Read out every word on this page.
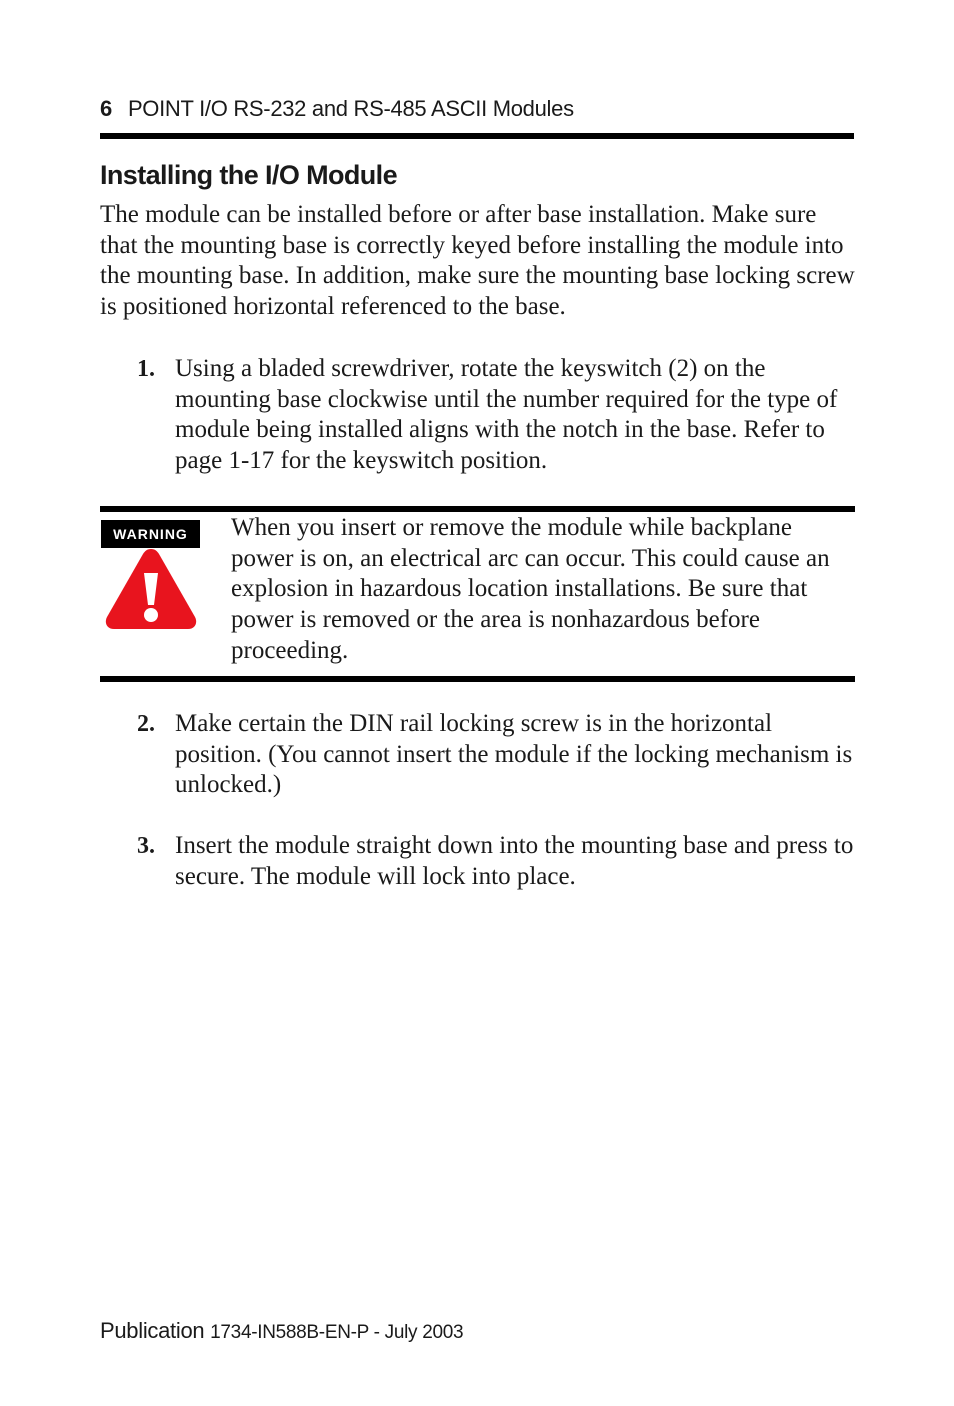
6 POINT I/O RS-232 and RS-485 ASCII Modules
Installing the I/O Module

The module can be installed before or after base installation. Make sure that the mounting base is correctly keyed before installing the module into the mounting base. In addition, make sure the mounting base locking screw is positioned horizontal referenced to the base.

1. Using a bladed screwdriver, rotate the keyswitch (2) on the mounting base clockwise until the number required for the type of module being installed aligns with the notch in the base. Refer to page 1-17 for the keyswitch position.

WARNING	When you insert or remove the module while backplane power is on, an electrical arc can occur. This could cause an explosion in hazardous location installations. Be sure that power is removed or the area is nonhazardous before proceeding.

2. Make certain the DIN rail locking screw is in the horizontal position. (You cannot insert the module if the locking mechanism is unlocked.)

3. Insert the module straight down into the mounting base and press to secure. The module will lock into place.

Publication 1734-IN588B-EN-P - July 2003
